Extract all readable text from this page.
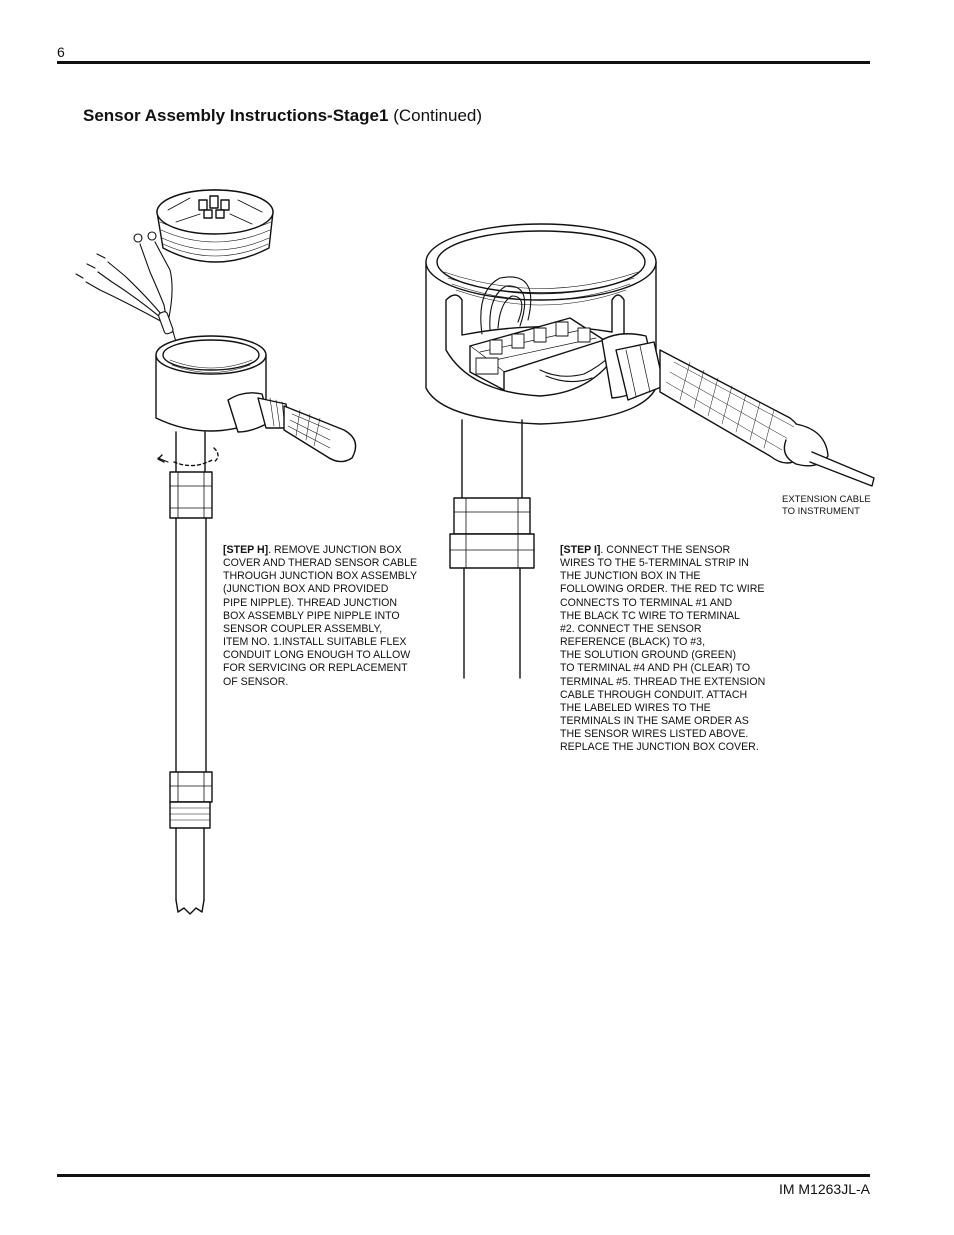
6
Sensor Assembly Instructions-Stage1 (Continued)
EXTENSION CABLE
TO INSTRUMENT
[STEP H]. REMOVE JUNCTION BOX
COVER AND THERAD SENSOR CABLE
THROUGH JUNCTION BOX ASSEMBLY
(JUNCTION BOX AND PROVIDED
PIPE NIPPLE). THREAD JUNCTION
BOX ASSEMBLY PIPE NIPPLE INTO
SENSOR COUPLER ASSEMBLY,
ITEM NO. 1.INSTALL SUITABLE FLEX
CONDUIT LONG ENOUGH TO ALLOW
FOR SERVICING OR REPLACEMENT
OF SENSOR.
[STEP I]. CONNECT THE SENSOR
WIRES TO THE 5-TERMINAL STRIP IN
THE JUNCTION BOX IN THE
FOLLOWING ORDER. THE RED TC WIRE
CONNECTS TO TERMINAL #1 AND
THE BLACK TC WIRE TO TERMINAL
#2. CONNECT THE SENSOR
REFERENCE (BLACK) TO #3,
THE SOLUTION GROUND (GREEN)
TO TERMINAL #4 AND PH (CLEAR) TO
TERMINAL #5. THREAD THE EXTENSION
CABLE THROUGH CONDUIT. ATTACH
THE LABELED WIRES TO THE
TERMINALS IN THE SAME ORDER AS
THE SENSOR WIRES LISTED ABOVE.
REPLACE THE JUNCTION BOX COVER.
IM M1263JL-A
